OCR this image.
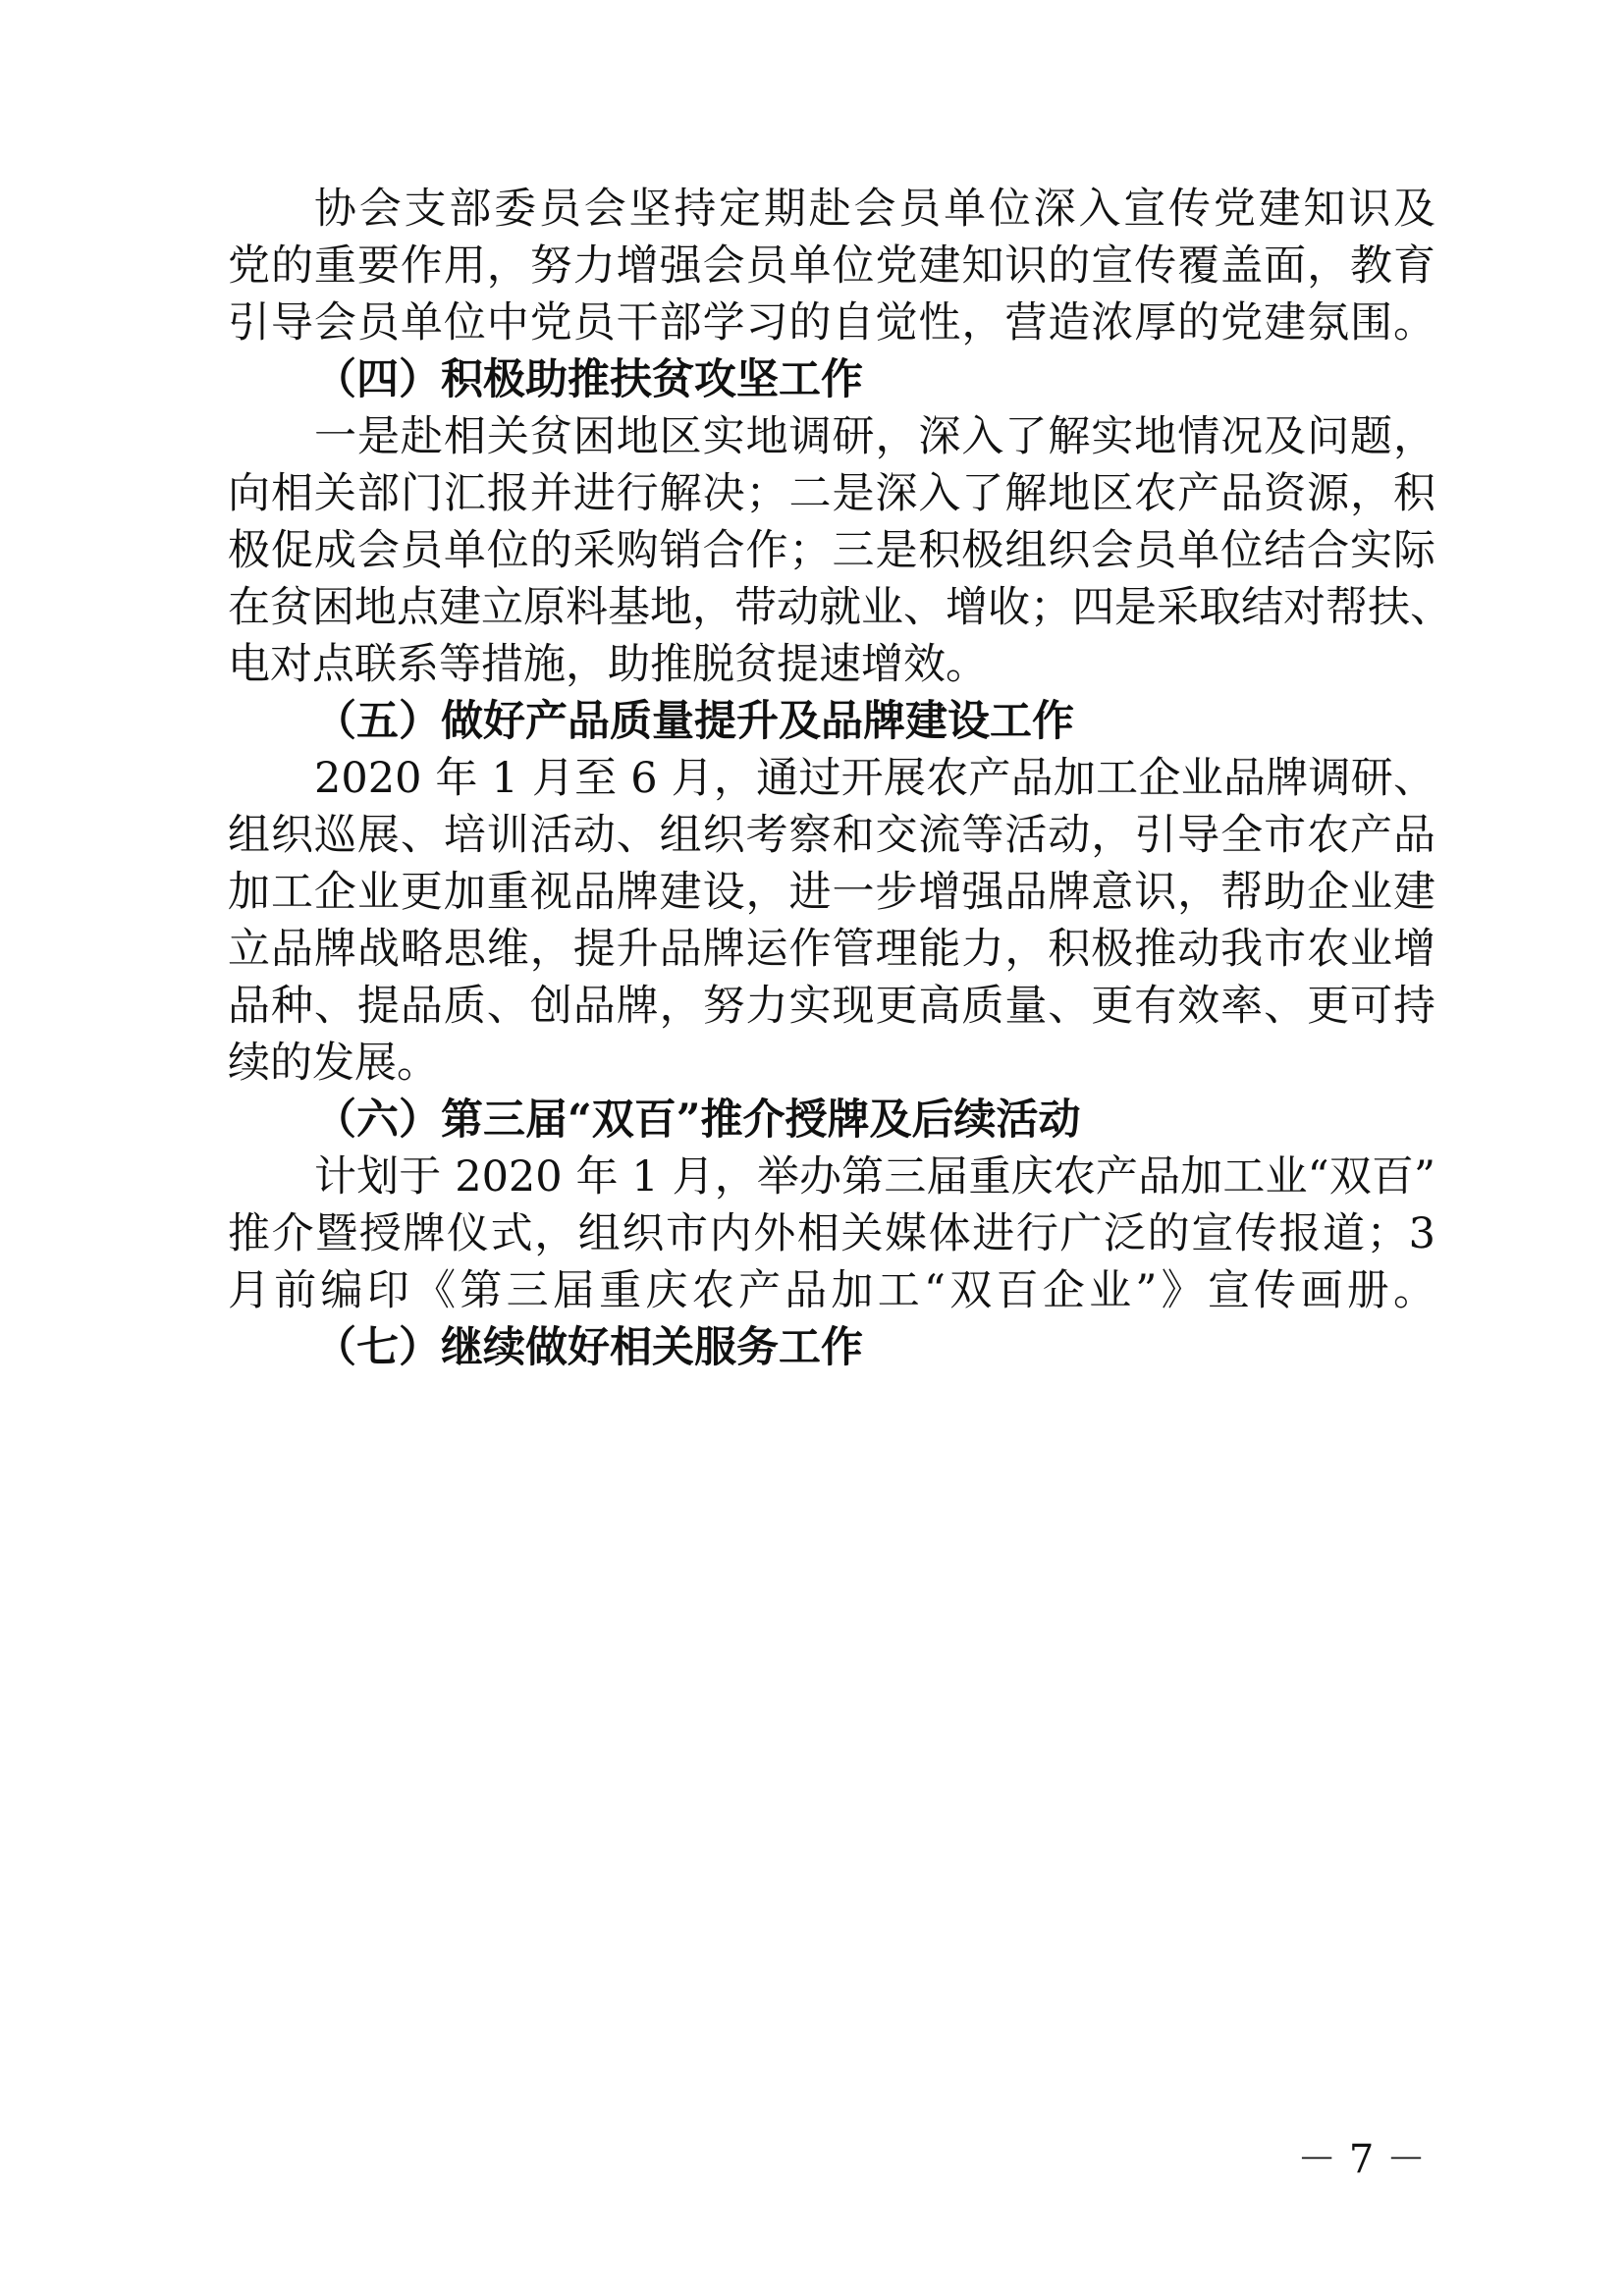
协会支部委员会坚持定期赴会员单位深入宣传党建知识及
党的重要作用，努力增强会员单位党建知识的宣传覆盖面，教育
引导会员单位中党员干部学习的自觉性，营造浓厚的党建氛围。
（四）积极助推扶贫攻坚工作
一是赴相关贫困地区实地调研，深入了解实地情况及问题，
向相关部门汇报并进行解决；二是深入了解地区农产品资源，积
极促成会员单位的采购销合作；三是积极组织会员单位结合实际
在贫困地点建立原料基地，带动就业、增收；四是采取结对帮扶、
电对点联系等措施，助推脱贫提速增效。
（五）做好产品质量提升及品牌建设工作
2020 年 1 月至 6 月，通过开展农产品加工企业品牌调研、
组织巡展、培训活动、组织考察和交流等活动，引导全市农产品
加工企业更加重视品牌建设，进一步增强品牌意识，帮助企业建
立品牌战略思维，提升品牌运作管理能力，积极推动我市农业增
品种、提品质、创品牌，努力实现更高质量、更有效率、更可持
续的发展。
（六）第三届“双百”推介授牌及后续活动
计划于 2020 年 1 月，举办第三届重庆农产品加工业“双百”
推介暨授牌仪式，组织市内外相关媒体进行广泛的宣传报道；3
月前编印《第三届重庆农产品加工“双百企业”》宣传画册。
（七）继续做好相关服务工作
－ 7 －
